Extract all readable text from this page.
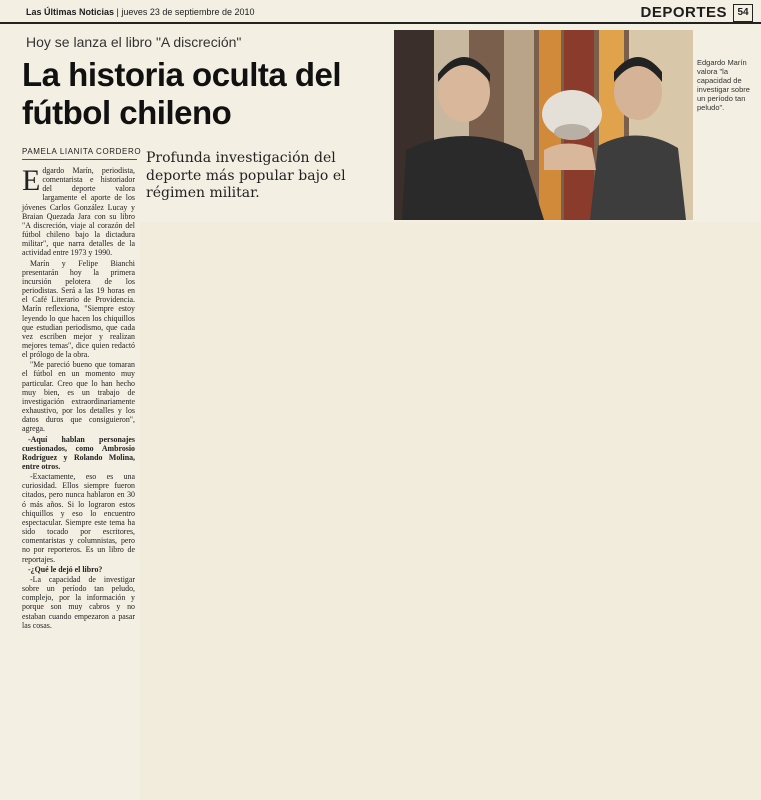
Las Últimas Noticias | jueves 23 de septiembre de 2010	DEPORTES	54
Hoy se lanza el libro "A discreción"
La historia oculta del fútbol chileno
PAMELA LIANITA CORDERO Profunda investigación del deporte más popular bajo el régimen militar.

Edgardo Marín, periodista, comentarista e historiador del deporte valora largamente el aporte de los jóvenes Carlos González Lucay y Braian Quezada Jara con su libro "A discreción, viaje al corazón del fútbol chileno bajo la dictadura militar", que narra detalles de la actividad entre 1973 y 1990.

Marín y Felipe Bianchi presentarán hoy la primera incursión pelotera de los periodistas. Será a las 19 horas en el Café Literario de Providencia. Marín reflexiona, "Siempre estoy leyendo lo que hacen los chiquillos que estudian periodismo, que cada vez escriben mejor y realizan mejores temas", dice quien redactó el prólogo de la obra.

"Me pareció bueno que tomaran el fútbol en un momento muy particular. Creo que lo han hecho muy bien, es un trabajo de investigación extraordinariamente exhaustivo, por los detalles y los datos duros que consiguieron", agrega.

-Aquí hablan personajes cuestionados, como Ambrosio Rodríguez y Rolando Molina, entre otros.

-Exactamente, eso es una curiosidad. Ellos siempre fueron citados, pero nunca hablaron en 30 ó más años. Si lo lograron estos chiquillos y eso lo encuentro espectacular. Siempre este tema ha sido tocado por escritores, comentaristas y columnistas, pero no por reporteros. Es un libro de reportajes.

-¿Qué le dejó el libro?

-La capacidad de investigar sobre un período tan peludo, complejo, por la información y porque son muy cabros y no estaban cuando empezaron a pasar las cosas.

Edgardo Marín valora "la capacidad de investigar sobre un período tan peludo".
